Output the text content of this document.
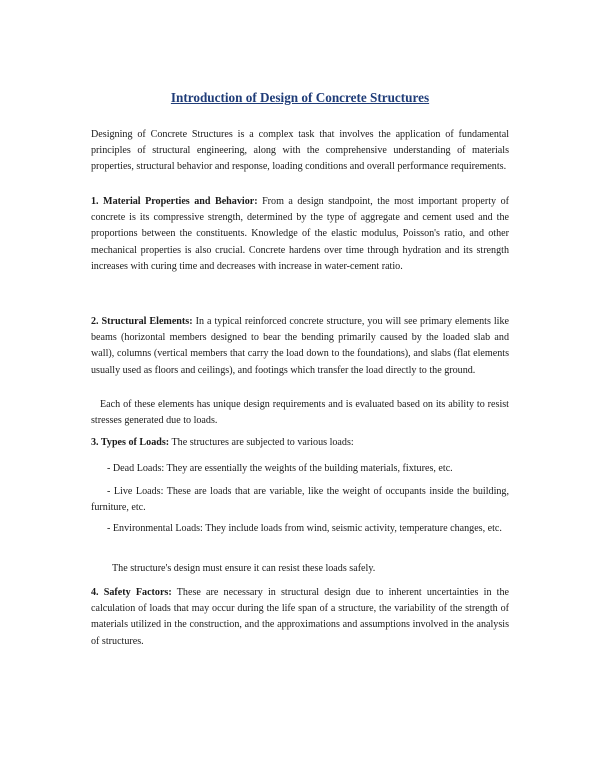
Introduction of Design of Concrete Structures

Designing of Concrete Structures is a complex task that involves the application of fundamental principles of structural engineering, along with the comprehensive understanding of materials properties, structural behavior and response, loading conditions and overall performance requirements.

1. Material Properties and Behavior: From a design standpoint, the most important property of concrete is its compressive strength, determined by the type of aggregate and cement used and the proportions between the constituents. Knowledge of the elastic modulus, Poisson's ratio, and other mechanical properties is also crucial. Concrete hardens over time through hydration and its strength increases with curing time and decreases with increase in water-cement ratio.

2. Structural Elements: In a typical reinforced concrete structure, you will see primary elements like beams (horizontal members designed to bear the bending primarily caused by the loaded slab and wall), columns (vertical members that carry the load down to the foundations), and slabs (flat elements usually used as floors and ceilings), and footings which transfer the load directly to the ground.

Each of these elements has unique design requirements and is evaluated based on its ability to resist stresses generated due to loads.

3. Types of Loads: The structures are subjected to various loads:

- Dead Loads: They are essentially the weights of the building materials, fixtures, etc.

- Live Loads: These are loads that are variable, like the weight of occupants inside the building, furniture, etc.

- Environmental Loads: They include loads from wind, seismic activity, temperature changes, etc.

The structure's design must ensure it can resist these loads safely.

4. Safety Factors: These are necessary in structural design due to inherent uncertainties in the calculation of loads that may occur during the life span of a structure, the variability of the strength of materials utilized in the construction, and the approximations and assumptions involved in the analysis of structures.
